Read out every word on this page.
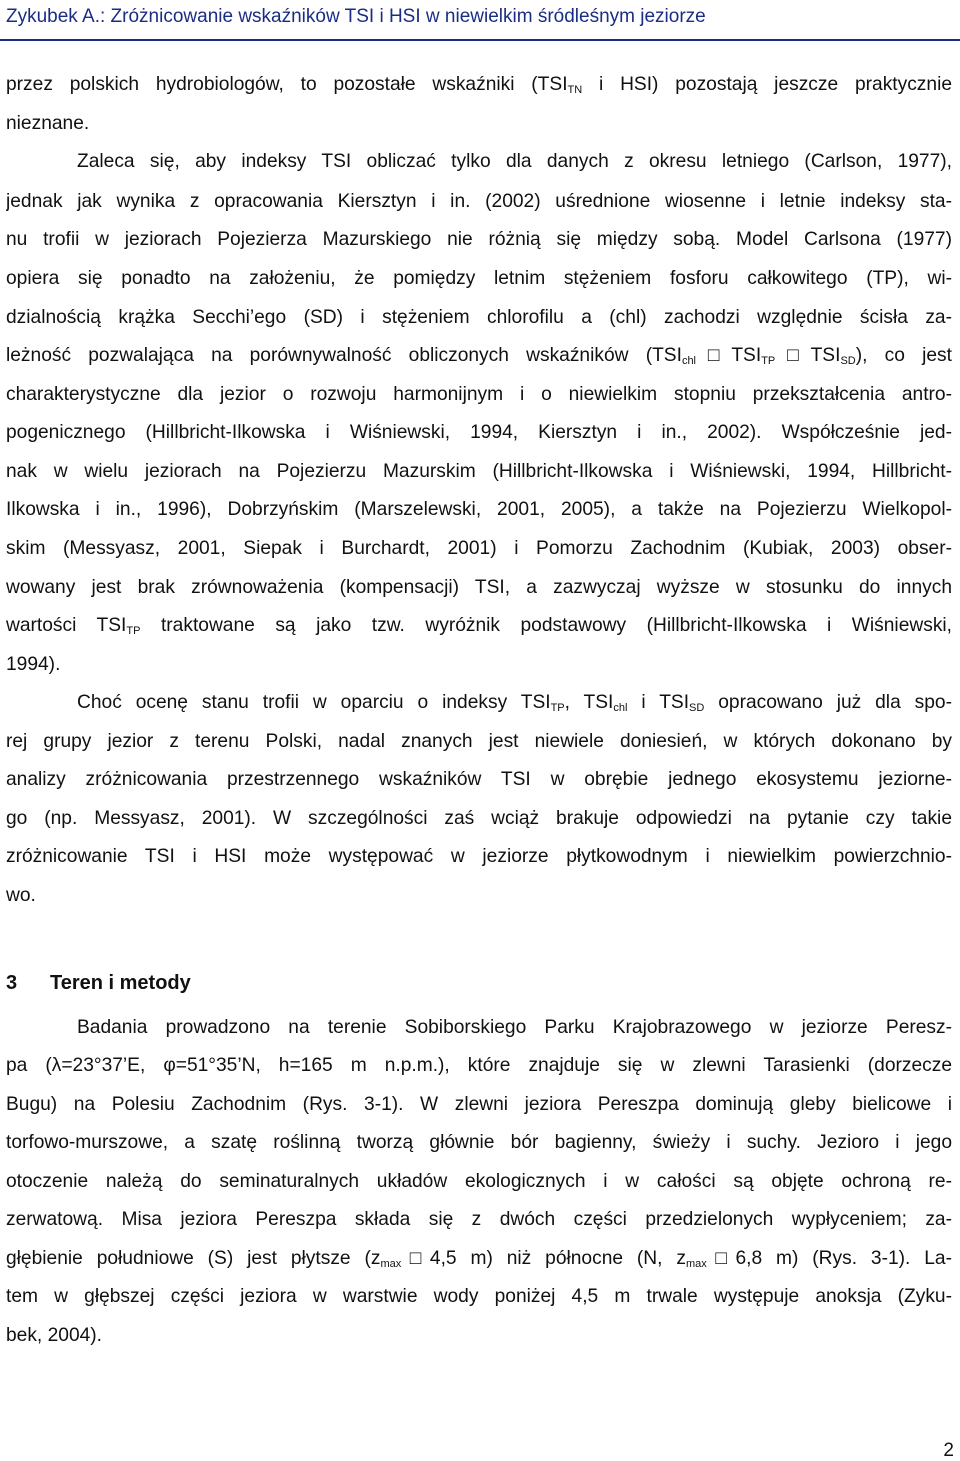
Zykubek A.: Zróżnicowanie wskaźników TSI i HSI w niewielkim śródleśnym jeziorze
przez polskich hydrobiologów, to pozostałe wskaźniki ($TSI_{TN}$ i HSI) pozostają jeszcze praktycznie
nieznane.
Zaleca się, aby indeksy TSI obliczać tylko dla danych z okresu letniego (Carlson, 1977),
jednak jak wynika z opracowania Kiersztyn i in. (2002) uśrednione wiosenne i letnie indeksy sta-
nu trofii w jeziorach Pojezierza Mazurskiego nie różnią się między sobą. Model Carlsona (1977)
opiera się ponadto na założeniu, że pomiędzy letnim stężeniem fosforu całkowitego (TP), wi-
dzialnością krążka Secchi’ego (SD) i stężeniem chlorofilu a (chl) zachodzi względnie ścisła za-
leżność pozwalająca na porównywalność obliczonych wskaźników $(TSI_{chl}□TSI_{TP}□TSI_{SD})$, co jest
charakterystyczne dla jezior o rozwoju harmonijnym i o niewielkim stopniu przekształcenia antro-
pogenicznego (Hillbricht-Ilkowska i Wiśniewski, 1994, Kiersztyn i in., 2002). Współcześnie jed-
nak w wielu jeziorach na Pojezierzu Mazurskim (Hillbricht-Ilkowska i Wiśniewski, 1994, Hillbricht-
Ilkowska i in., 1996), Dobrzyńskim (Marszelewski, 2001, 2005), a także na Pojezierzu Wielkopol-
skim (Messyasz, 2001, Siepak i Burchardt, 2001) i Pomorzu Zachodnim (Kubiak, 2003) obser-
wowany jest brak zrównoważenia (kompensacji) TSI, a zazwyczaj wyższe w stosunku do innych
wartości $TSI_{TP}$ traktowane są jako tzw. wyróżnik podstawowy (Hillbricht-Ilkowska i Wiśniewski,
1994).
Choć ocenę stanu trofii w oparciu o indeksy $TSI_{TP}$, $TSI_{chl}$ i $TSI_{SD}$ opracowano już dla spo-
rej grupy jezior z terenu Polski, nadal znanych jest niewiele doniesień, w których dokonano by
analizy zróżnicowania przestrzennego wskaźników TSI w obrębie jednego ekosystemu jeziorne-
go (np. Messyasz, 2001). W szczególności zaś wciąż brakuje odpowiedzi na pytanie czy takie
zróżnicowanie TSI i HSI może występować w jeziorze płytkowodnym i niewielkim powierzchnio-
wo.
Badania prowadzono na terenie Sobiborskiego Parku Krajobrazowego w jeziorze Peresz-
pa (λ=23°37’E, φ=51°35’N, h=165 m n.p.m.), które znajduje się w zlewni Tarasienki (dorzecze
Bugu) na Polesiu Zachodnim (Rys. 3-1). W zlewni jeziora Pereszpa dominują gleby bielicowe i
torfowo-murszowe, a szatę roślinną tworzą głównie bór bagienny, świeży i suchy. Jezioro i jego
otoczenie należą do seminaturalnych układów ekologicznych i w całości są objęte ochroną re-
zerwatową. Misa jeziora Pereszpa składa się z dwóch części przedzielonych wypłyceniem; za-
głębienie południowe (S) jest płytsze ($z_{max}□4,5$ m) niż północne (N, $z_{max}□6,8$ m) (Rys. 3-1). La-
tem w głębszej części jeziora w warstwie wody poniżej 4,5 m trwale występuje anoksja (Zyku-
bek, 2004).
3 Teren i metody
2
